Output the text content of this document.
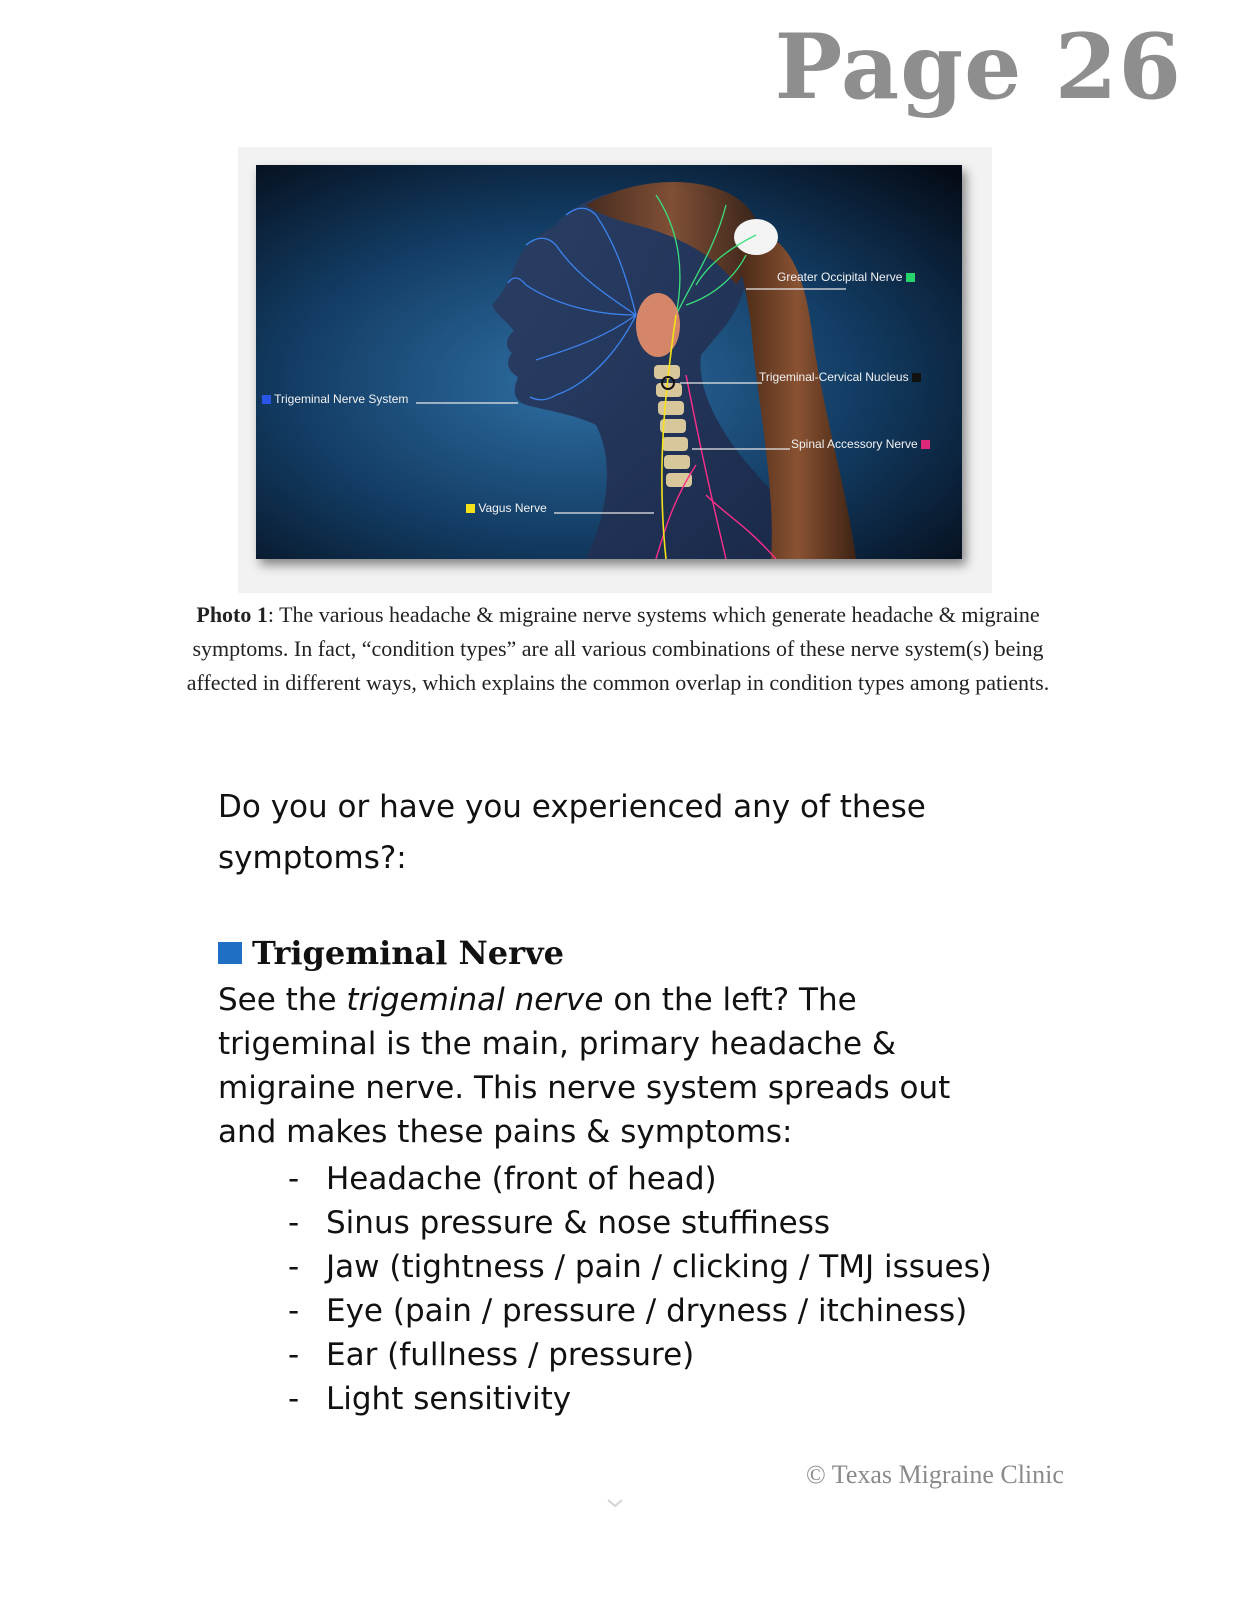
Page 26
Greater Occipital Nerve
Trigeminal-Cervical Nucleus
Trigeminal Nerve System
Spinal Accessory Nerve
Vagus Nerve

Photo 1: The various headache & migraine nerve systems which generate headache & migraine symptoms. In fact, “condition types” are all various combinations of these nerve system(s) being affected in different ways, which explains the common overlap in condition types among patients.

Do you or have you experienced any of these symptoms?:

Trigeminal Nerve

See the trigeminal nerve on the left? The trigeminal is the main, primary headache & migraine nerve. This nerve system spreads out and makes these pains & symptoms:

- Headache (front of head)
- Sinus pressure & nose stuffiness
- Jaw (tightness / pain / clicking / TMJ issues)
- Eye (pain / pressure / dryness / itchiness)
- Ear (fullness / pressure)
- Light sensitivity

© Texas Migraine Clinic
